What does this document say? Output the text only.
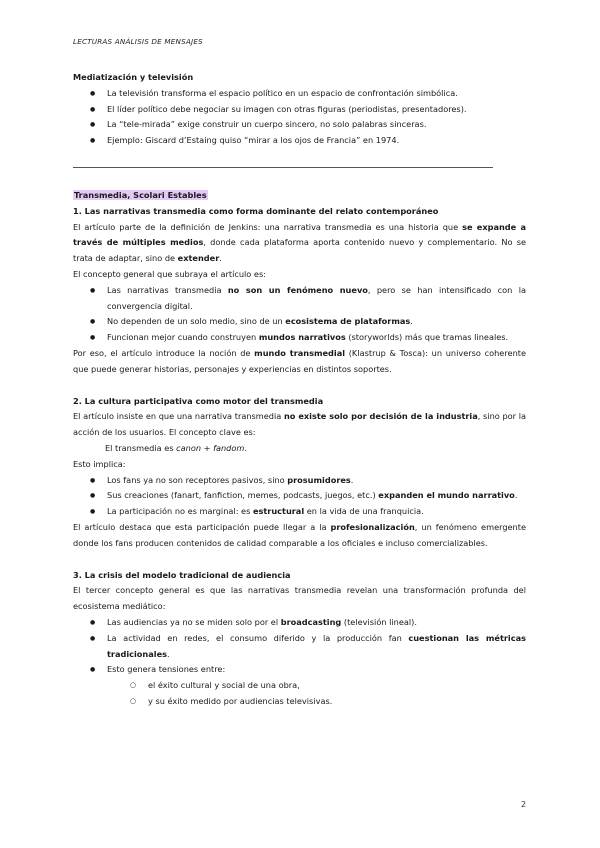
LECTURAS ANÁLISIS DE MENSAJES

Mediatización y televisión

● La televisión transforma el espacio político en un espacio de confrontación simbólica.
● El líder político debe negociar su imagen con otras figuras (periodistas, presentadores).
● La “tele-mirada” exige construir un cuerpo sincero, no solo palabras sinceras.
● Ejemplo: Giscard d’Estaing quiso “mirar a los ojos de Francia” en 1974.

Transmedia, Scolari Estables

1. Las narrativas transmedia como forma dominante del relato contemporáneo

El artículo parte de la definición de Jenkins: una narrativa transmedia es una historia que se expande a través de múltiples medios, donde cada plataforma aporta contenido nuevo y complementario. No se trata de adaptar, sino de extender.

El concepto general que subraya el artículo es:

● Las narrativas transmedia no son un fenómeno nuevo, pero se han intensificado con la convergencia digital.
● No dependen de un solo medio, sino de un ecosistema de plataformas.
● Funcionan mejor cuando construyen mundos narrativos (storyworlds) más que tramas lineales.

Por eso, el artículo introduce la noción de mundo transmedial (Klastrup & Tosca): un universo coherente que puede generar historias, personajes y experiencias en distintos soportes.

2. La cultura participativa como motor del transmedia

El artículo insiste en que una narrativa transmedia no existe solo por decisión de la industria, sino por la acción de los usuarios. El concepto clave es:

El transmedia es canon + fandom.

Esto implica:

● Los fans ya no son receptores pasivos, sino prosumidores.
● Sus creaciones (fanart, fanfiction, memes, podcasts, juegos, etc.) expanden el mundo narrativo.
● La participación no es marginal: es estructural en la vida de una franquicia.

El artículo destaca que esta participación puede llegar a la profesionalización, un fenómeno emergente donde los fans producen contenidos de calidad comparable a los oficiales e incluso comercializables.

3. La crisis del modelo tradicional de audiencia

El tercer concepto general es que las narrativas transmedia revelan una transformación profunda del ecosistema mediático:

● Las audiencias ya no se miden solo por el broadcasting (televisión lineal).
● La actividad en redes, el consumo diferido y la producción fan cuestionan las métricas tradicionales.
● Esto genera tensiones entre:
○ el éxito cultural y social de una obra,
○ y su éxito medido por audiencias televisivas.
2
